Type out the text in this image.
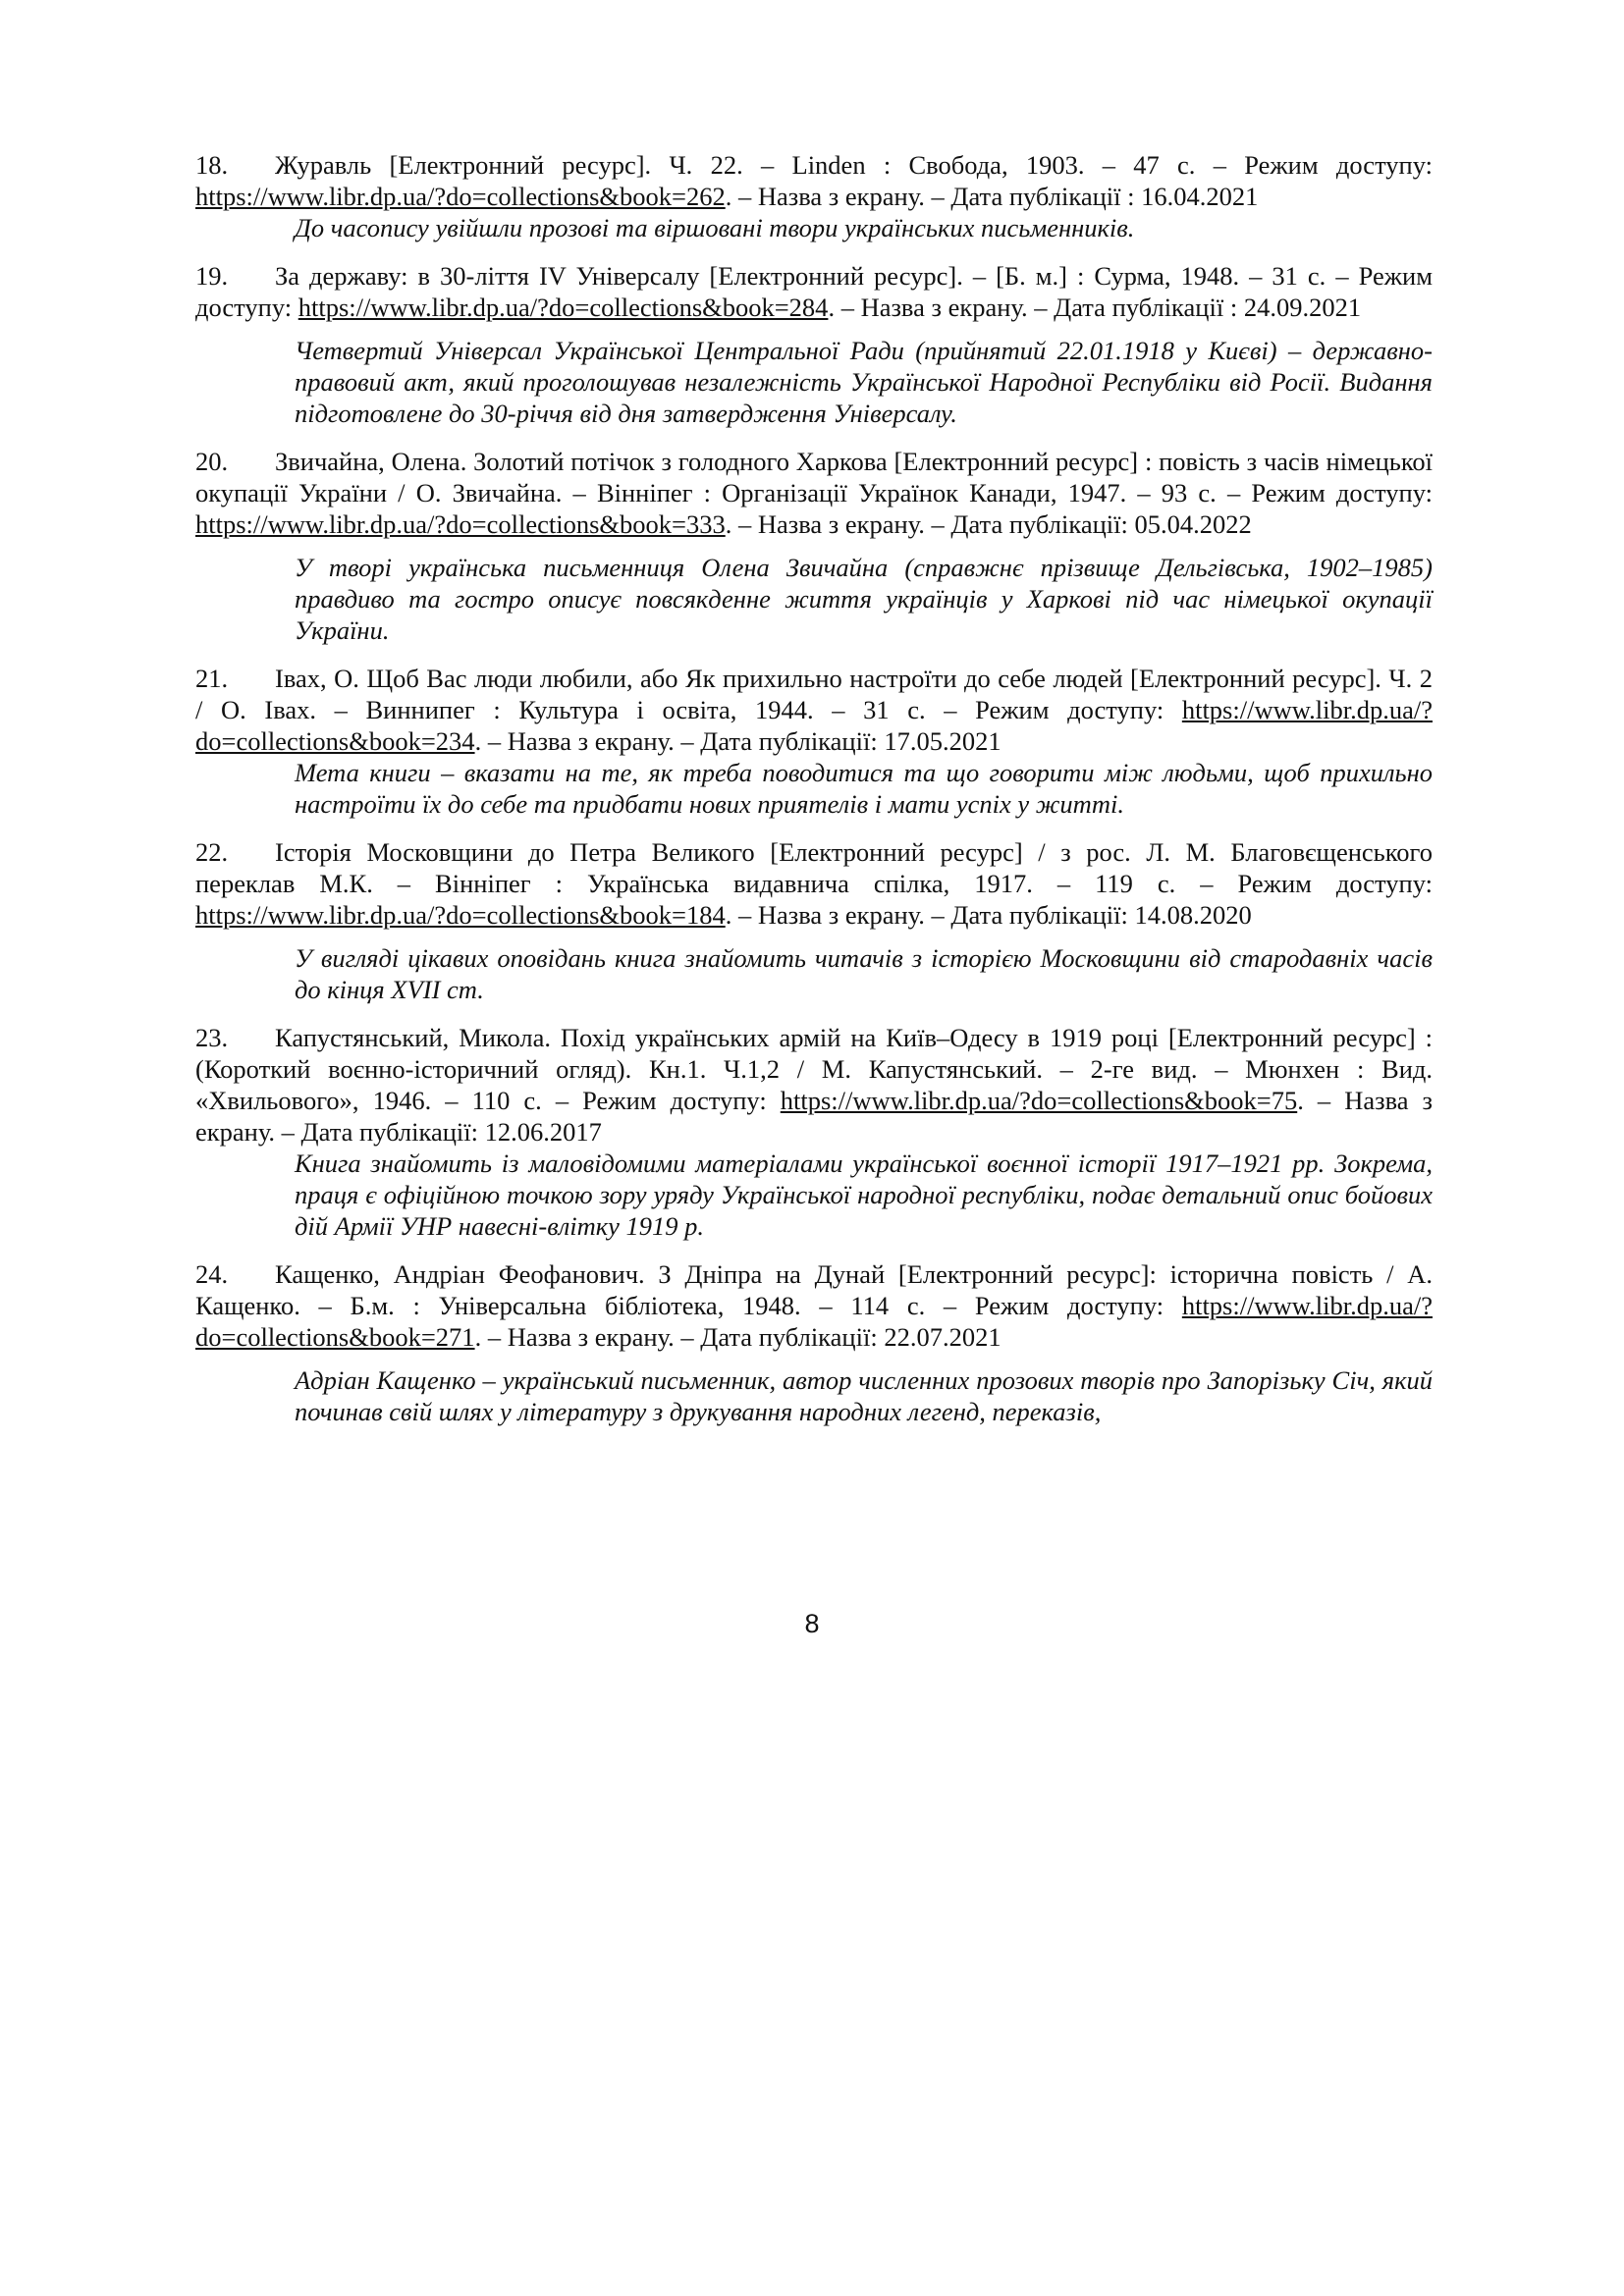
18. Журавль [Електронний ресурс]. Ч. 22. – Linden : Свобода, 1903. – 47 с. – Режим доступу: https://www.libr.dp.ua/?do=collections&book=262. – Назва з екрану. – Дата публікації : 16.04.2021

До часопису увійшли прозові та віршовані твори українських письменників.

19. За державу: в 30-ліття IV Універсалу [Електронний ресурс]. – [Б. м.] : Сурма, 1948. – 31 с. – Режим доступу: https://www.libr.dp.ua/?do=collections&book=284. – Назва з екрану. – Дата публікації : 24.09.2021

Четвертий Універсал Української Центральної Ради (прийнятий 22.01.1918 у Києві) – державно-правовий акт, який проголошував незалежність Української Народної Республіки від Росії. Видання підготовлене до 30-річчя від дня затвердження Універсалу.

20. Звичайна, Олена. Золотий потічок з голодного Харкова [Електронний ресурс] : повість з часів німецької окупації України / О. Звичайна. – Вінніпег : Організації Українок Канади, 1947. – 93 с. – Режим доступу: https://www.libr.dp.ua/?do=collections&book=333. – Назва з екрану. – Дата публікації: 05.04.2022

У творі українська письменниця Олена Звичайна (справжнє прізвище Дельгівська, 1902–1985) правдиво та гостро описує повсякденне життя українців у Харкові під час німецької окупації України.

21. Івах, О. Щоб Вас люди любили, або Як прихильно настроїти до себе людей [Електронний ресурс]. Ч. 2 / О. Івах. – Виннипег : Культура і освіта, 1944. – 31 с. – Режим доступу: https://www.libr.dp.ua/?do=collections&book=234. – Назва з екрану. – Дата публікації: 17.05.2021

Мета книги – вказати на те, як треба поводитися та що говорити між людьми, щоб прихильно настроїти їх до себе та придбати нових приятелів і мати успіх у житті.

22. Історія Московщини до Петра Великого [Електронний ресурс] / з рос. Л. М. Благовєщенського переклав М.К. – Вінніпег : Українська видавнича спілка, 1917. – 119 с. – Режим доступу: https://www.libr.dp.ua/?do=collections&book=184. – Назва з екрану. – Дата публікації: 14.08.2020

У вигляді цікавих оповідань книга знайомить читачів з історією Московщини від стародавніх часів до кінця XVII ст.

23. Капустянський, Микола. Похід українських армій на Київ–Одесу в 1919 році [Електронний ресурс] : (Короткий воєнно-історичний огляд). Кн.1. Ч.1,2 / М. Капустянський. – 2-ге вид. – Мюнхен : Вид. «Хвильового», 1946. – 110 с. – Режим доступу: https://www.libr.dp.ua/?do=collections&book=75. – Назва з екрану. – Дата публікації: 12.06.2017

Книга знайомить із маловідомими матеріалами української воєнної історії 1917–1921 рр. Зокрема, праця є офіційною точкою зору уряду Української народної республіки, подає детальний опис бойових дій Армії УНР навесні-влітку 1919 р.

24. Кащенко, Андріан Феофанович. З Дніпра на Дунай [Електронний ресурс]: історична повість / А. Кащенко. – Б.м. : Універсальна бібліотека, 1948. – 114 с. – Режим доступу: https://www.libr.dp.ua/?do=collections&book=271. – Назва з екрану. – Дата публікації: 22.07.2021

Адріан Кащенко – український письменник, автор численних прозових творів про Запорізьку Січ, який починав свій шлях у літературу з друкування народних легенд, переказів,

8
